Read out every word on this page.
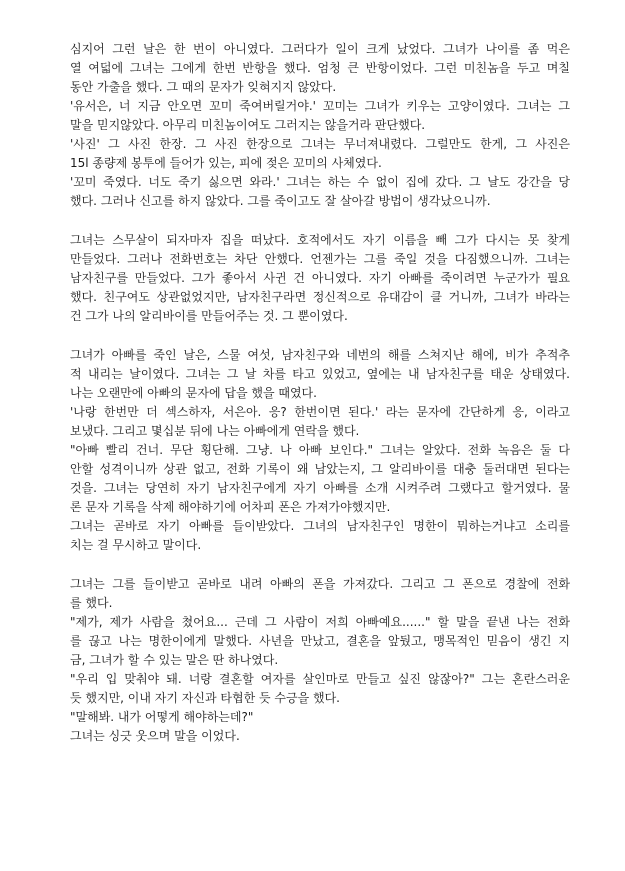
심지어 그런 날은 한 번이 아니였다. 그러다가 일이 크게 났었다. 그녀가 나이를 좀 먹은
열 여덟에 그녀는 그에게 한번 반항을 했다. 엄청 큰 반항이었다. 그런 미친놈을 두고 며칠
동안 가출을 했다. 그 때의 문자가 잊혀지지 않았다.
'유서은, 너 지금 안오면 꼬미 죽여버릴거야.' 꼬미는 그녀가 키우는 고양이였다. 그녀는 그
말을 믿지않았다. 아무리 미친놈이여도 그러지는 않을거라 판단했다.
'사진' 그 사진 한장. 그 사진 한장으로 그녀는 무너져내렸다. 그럴만도 한게, 그 사진은
15l 종량제 봉투에 들어가 있는, 피에 젖은 꼬미의 사체였다.
'꼬미 죽였다. 너도 죽기 싫으면 와라.' 그녀는 하는 수 없이 집에 갔다. 그 날도 강간을 당
했다. 그러나 신고를 하지 않았다. 그를 죽이고도 잘 살아갈 방법이 생각났으니까.
그녀는 스무살이 되자마자 집을 떠났다. 호적에서도 자기 이름을 빼 그가 다시는 못 찾게
만들었다. 그러나 전화번호는 차단 안했다. 언젠가는 그를 죽일 것을 다짐했으니까. 그녀는
남자친구를 만들었다. 그가 좋아서 사귄 건 아니였다. 자기 아빠를 죽이려면 누군가가 필요
했다. 친구여도 상관없었지만, 남자친구라면 정신적으로 유대감이 클 거니까, 그녀가 바라는
건 그가 나의 알리바이를 만들어주는 것. 그 뿐이였다.
그녀가 아빠를 죽인 날은, 스물 여섯, 남자친구와 네번의 해를 스쳐지난 해에, 비가 추적추
적 내리는 날이였다. 그녀는 그 날 차를 타고 있었고, 옆에는 내 남자친구를 태운 상태였다.
나는 오랜만에 아빠의 문자에 답을 했을 때였다.
'나랑 한번만 더 섹스하자, 서은아. 응? 한번이면 된다.' 라는 문자에 간단하게 응, 이라고
보냈다. 그리고 몇십분 뒤에 나는 아빠에게 연락을 했다.
"아빠 빨리 건너. 무단 횡단해. 그냥. 나 아빠 보인다." 그녀는 알았다. 전화 녹음은 둘 다
안할 성격이니까 상관 없고, 전화 기록이 왜 남았는지, 그 알리바이를 대충 둘러대면 된다는
것을. 그녀는 당연히 자기 남자친구에게 자기 아빠를 소개 시켜주려 그랬다고 할거였다. 물
론 문자 기록을 삭제 해야하기에 어차피 폰은 가져가야했지만.
그녀는 곧바로 자기 아빠를 들이받았다. 그녀의 남자친구인 명한이 뭐하는거냐고 소리를
치는 걸 무시하고 말이다.
그녀는 그를 들이받고 곧바로 내려 아빠의 폰을 가져갔다. 그리고 그 폰으로 경찰에 전화
를 했다.
"제가, 제가 사람을 쳤어요... 근데 그 사람이 저희 아빠예요......" 할 말을 끝낸 나는 전화
를 끊고 나는 명한이에게 말했다. 사년을 만났고, 결혼을 앞뒀고, 맹목적인 믿음이 생긴 지
금, 그녀가 할 수 있는 말은 딴 하나였다.
"우리 입 맞춰야 돼. 너랑 결혼할 여자를 살인마로 만들고 싶진 않잖아?" 그는 혼란스러운
듯 했지만, 이내 자기 자신과 타협한 듯 수긍을 했다.
"말해봐. 내가 어떻게 해야하는데?"
그녀는 싱긋 웃으며 말을 이었다.
